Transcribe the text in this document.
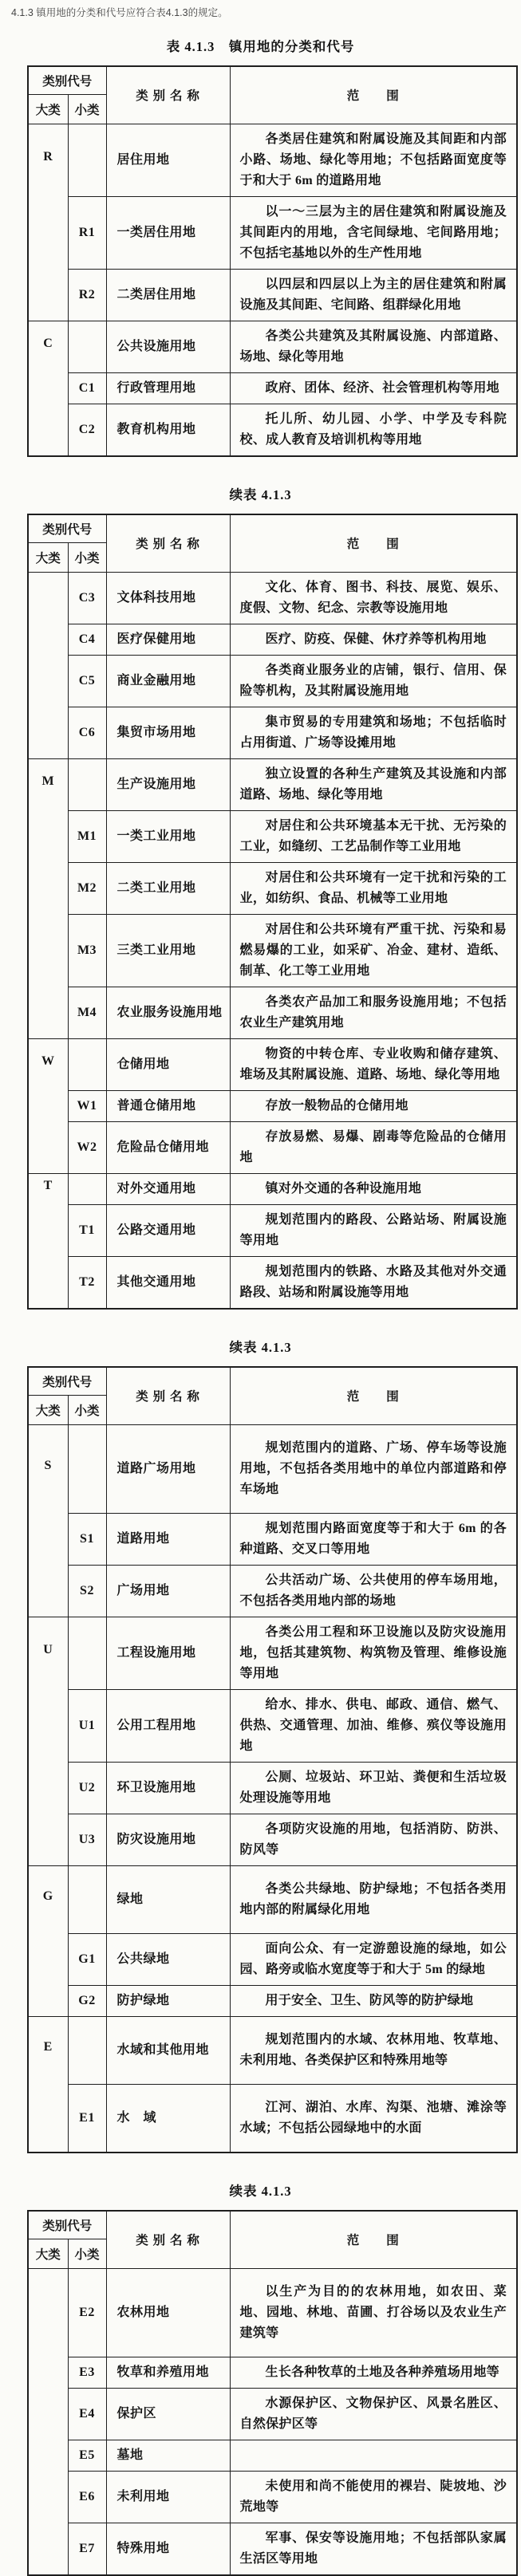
4.1.3 镇用地的分类和代号应符合表4.1.3的规定。

表 4.1.3　镇用地的分类和代号
类别代号		类 别 名 称	范　　围
大类	小类		
R		居住用地	各类居住建筑和附属设施及其间距和内部小路、场地、绿化等用地；不包括路面宽度等于和大于 6m 的道路用地

	R1	一类居住用地	以一～三层为主的居住建筑和附属设施及其间距内的用地，含宅间绿地、宅间路用地；不包括宅基地以外的生产性用地

	R2	二类居住用地	以四层和四层以上为主的居住建筑和附属设施及其间距、宅间路、组群绿化用地

C		公共设施用地	各类公共建筑及其附属设施、内部道路、场地、绿化等用地

	C1	行政管理用地	政府、团体、经济、社会管理机构等用地

	C2	教育机构用地	托儿所、幼儿园、小学、中学及专科院校、成人教育及培训机构等用地

续表 4.1.3
类别代号		类 别 名 称	范　　围
大类	小类		
	C3	文体科技用地	文化、体育、图书、科技、展览、娱乐、度假、文物、纪念、宗教等设施用地

	C4	医疗保健用地	医疗、防疫、保健、休疗养等机构用地

	C5	商业金融用地	各类商业服务业的店铺，银行、信用、保险等机构，及其附属设施用地

	C6	集贸市场用地	集市贸易的专用建筑和场地；不包括临时占用街道、广场等设摊用地

M		生产设施用地	独立设置的各种生产建筑及其设施和内部道路、场地、绿化等用地

	M1	一类工业用地	对居住和公共环境基本无干扰、无污染的工业，如缝纫、工艺品制作等工业用地

	M2	二类工业用地	对居住和公共环境有一定干扰和污染的工业，如纺织、食品、机械等工业用地

	M3	三类工业用地	对居住和公共环境有严重干扰、污染和易燃易爆的工业，如采矿、冶金、建材、造纸、制革、化工等工业用地

	M4	农业服务设施用地	各类农产品加工和服务设施用地；不包括农业生产建筑用地

W		仓储用地	物资的中转仓库、专业收购和储存建筑、堆场及其附属设施、道路、场地、绿化等用地

	W1	普通仓储用地	存放一般物品的仓储用地

	W2	危险品仓储用地	存放易燃、易爆、剧毒等危险品的仓储用地

T		对外交通用地	镇对外交通的各种设施用地

	T1	公路交通用地	规划范围内的路段、公路站场、附属设施等用地

	T2	其他交通用地	规划范围内的铁路、水路及其他对外交通路段、站场和附属设施等用地

续表 4.1.3
类别代号		类 别 名 称	范　　围
大类	小类		
S		道路广场用地	规划范围内的道路、广场、停车场等设施用地，不包括各类用地中的单位内部道路和停车场地

	S1	道路用地	规划范围内路面宽度等于和大于 6m 的各种道路、交叉口等用地

	S2	广场用地	公共活动广场、公共使用的停车场用地，不包括各类用地内部的场地

U		工程设施用地	各类公用工程和环卫设施以及防灾设施用地，包括其建筑物、构筑物及管理、维修设施等用地

	U1	公用工程用地	给水、排水、供电、邮政、通信、燃气、供热、交通管理、加油、维修、殡仪等设施用地

	U2	环卫设施用地	公厕、垃圾站、环卫站、粪便和生活垃圾处理设施等用地

	U3	防灾设施用地	各项防灾设施的用地，包括消防、防洪、防风等

G		绿地	各类公共绿地、防护绿地；不包括各类用地内部的附属绿化用地

	G1	公共绿地	面向公众、有一定游憩设施的绿地，如公园、路旁或临水宽度等于和大于 5m 的绿地

	G2	防护绿地	用于安全、卫生、防风等的防护绿地

E		水域和其他用地	规划范围内的水域、农林用地、牧草地、未利用地、各类保护区和特殊用地等

	E1	水　域	江河、湖泊、水库、沟渠、池塘、滩涂等水域；不包括公园绿地中的水面

续表 4.1.3
类别代号		类 别 名 称	范　　围
大类	小类		
	E2	农林用地	以生产为目的的农林用地，如农田、菜地、园地、林地、苗圃、打谷场以及农业生产建筑等

	E3	牧草和养殖用地	生长各种牧草的土地及各种养殖场用地等

	E4	保护区	水源保护区、文物保护区、风景名胜区、自然保护区等

	E5	墓地	

	E6	未利用地	未使用和尚不能使用的裸岩、陡坡地、沙荒地等

	E7	特殊用地	军事、保安等设施用地；不包括部队家属生活区等用地
